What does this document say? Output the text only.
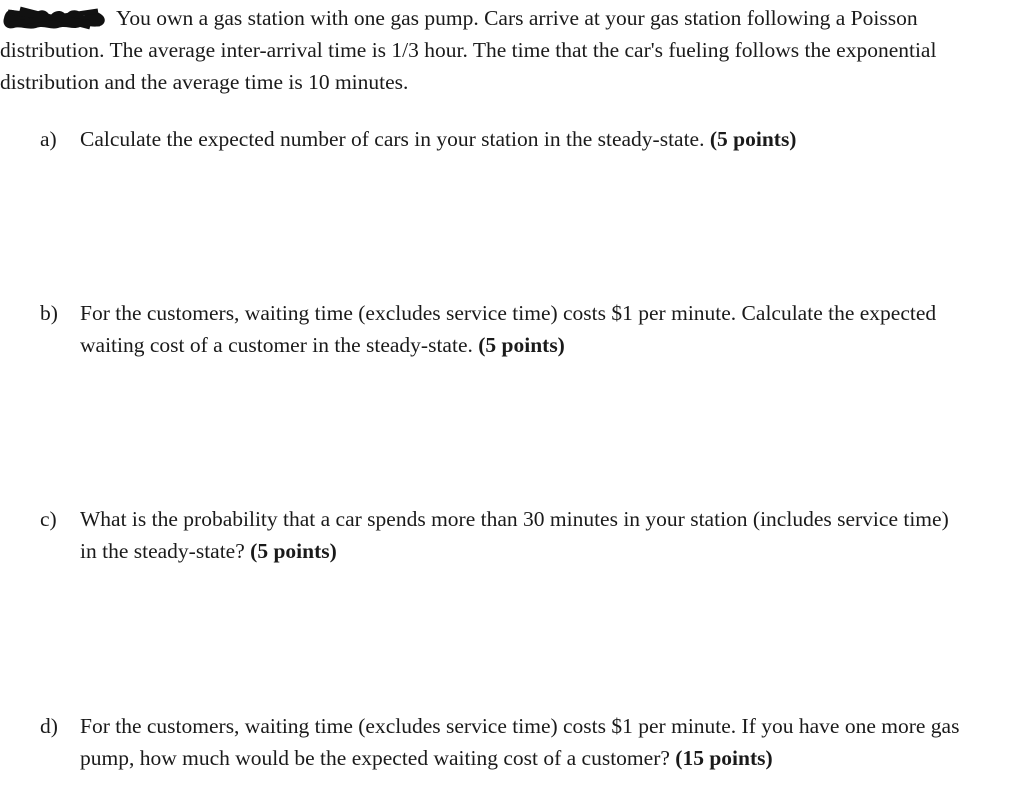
You own a gas station with one gas pump. Cars arrive at your gas station following a Poisson distribution. The average inter-arrival time is 1/3 hour. The time that the car's fueling follows the exponential distribution and the average time is 10 minutes.
a) Calculate the expected number of cars in your station in the steady-state. (5 points)
b) For the customers, waiting time (excludes service time) costs $1 per minute. Calculate the expected waiting cost of a customer in the steady-state. (5 points)
c) What is the probability that a car spends more than 30 minutes in your station (includes service time) in the steady-state? (5 points)
d) For the customers, waiting time (excludes service time) costs $1 per minute. If you have one more gas pump, how much would be the expected waiting cost of a customer? (15 points)
